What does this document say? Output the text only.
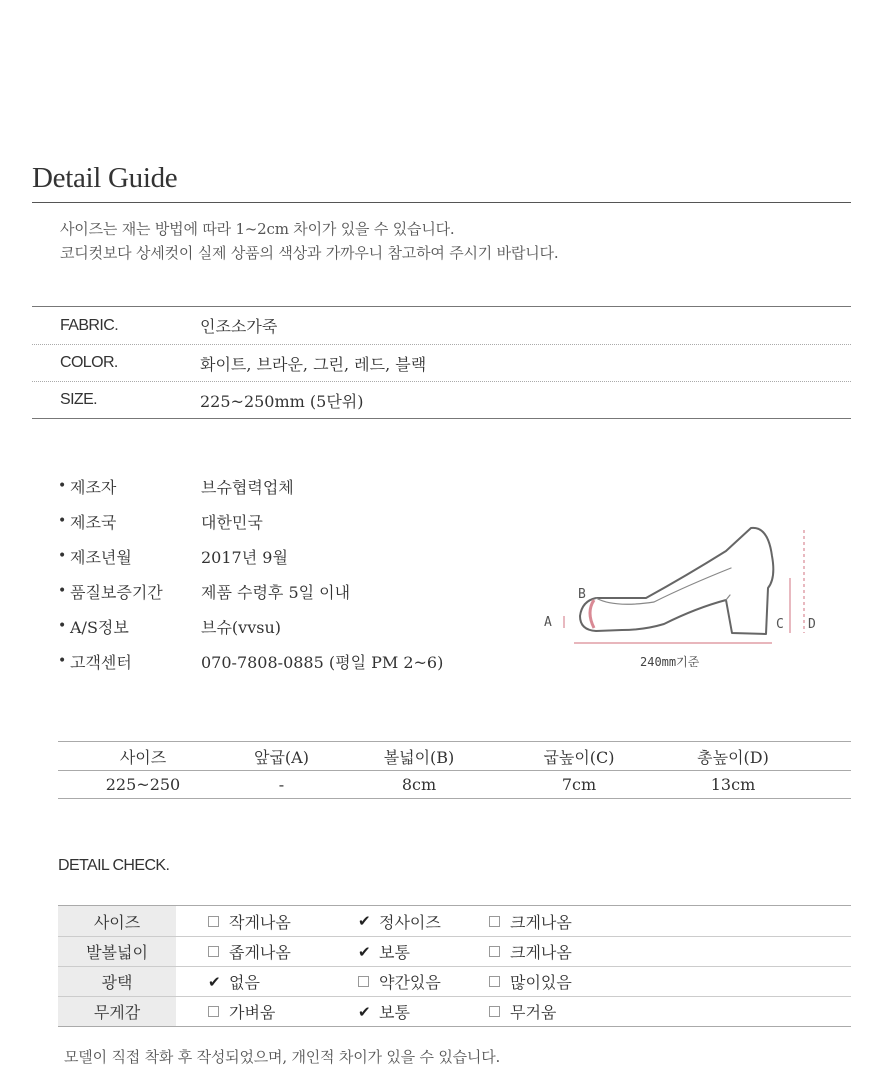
Detail Guide
사이즈는 재는 방법에 따라 1~2cm 차이가 있을 수 있습니다.
코디컷보다 상세컷이 실제 상품의 색상과 가까우니 참고하여 주시기 바랍니다.
FABRIC.	인조소가죽
COLOR.	화이트, 브라운, 그린, 레드, 블랙
SIZE.	225~250mm (5단위)
• 제조자	브슈협력업체
• 제조국	대한민국
• 제조년월	2017년 9월
• 품질보증기간	제품 수령후 5일 이내
• A/S정보	브슈(vvsu)
• 고객센터	070-7808-0885 (평일 PM 2~6)
A
B
C D
240mm기준
사이즈	앞굽(A)	볼넓이(B)	굽높이(C)	총높이(D)
225~250	-	8cm	7cm	13cm
DETAIL CHECK.
사이즈	작게나옴	✔ 정사이즈	크게나옴
발볼넓이	좁게나옴	✔ 보통	크게나옴
광택	✔ 없음	약간있음	많이있음
무게감	가벼움	✔ 보통	무거움
모델이 직접 착화 후 작성되었으며, 개인적 차이가 있을 수 있습니다.
